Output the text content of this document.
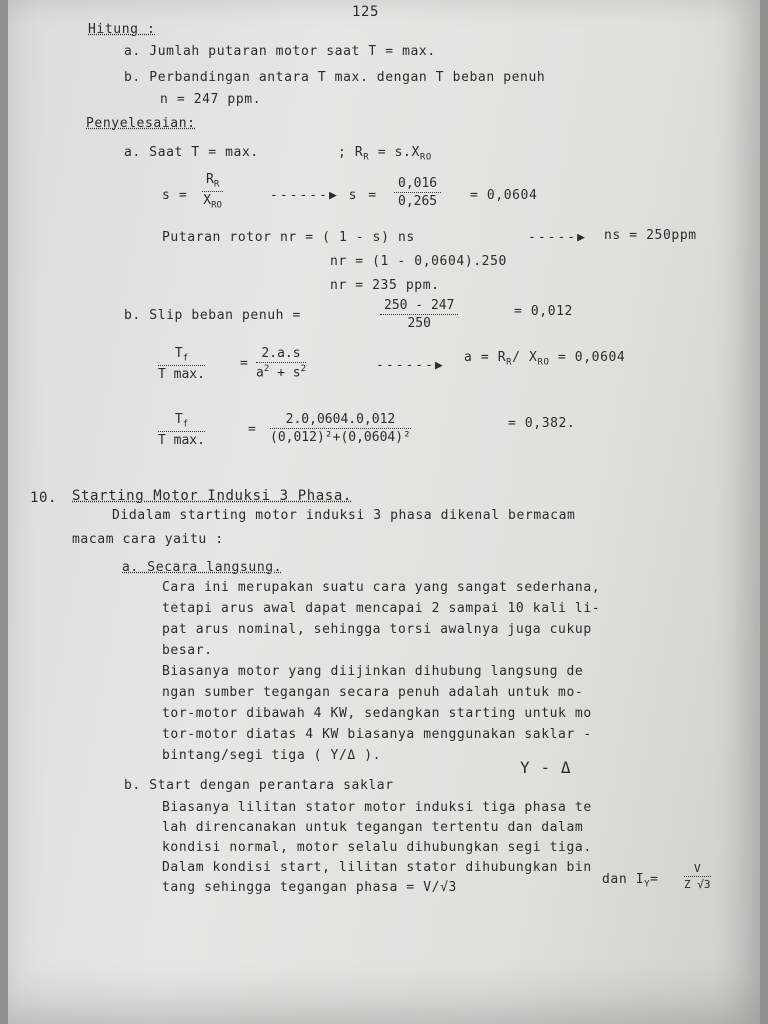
125
Hitung :
a. Jumlah putaran motor saat T = max.
b. Perbandingan antara T max. dengan T beban penuh
n = 247 ppm.
Penyelesaian:
a. Saat T = max.	; $R_R = s.X_{RO}$
s =
$R_R$
$X_{RO}$
------▶ $s = \frac{0,016}{0,265} = 0,0604$
Putaran rotor nr = ( 1 - s) ns	-----▶ ns = 250ppm
nr = (1 - 0,0604).250
nr = 235 ppm.
b. Slip beban penuh =	$\frac{250 - 247}{250}$	= 0,012
$T_f$
T max.
= $\frac{2.a.s}{a^2 + s^2}$	------▶
$a = R_R/$ $X_{RO} = 0,0604$
$T_f$
T max.
= $\frac{2.0,0604.0,012}{\text{(0,012)²+(0,0604)²}}$	= 0,382.
10. Starting Motor Induksi 3 Phasa.
Didalam starting motor induksi 3 phasa dikenal bermacam
macam cara yaitu :
a. Secara langsung.
Cara ini merupakan suatu cara yang sangat sederhana,
tetapi arus awal dapat mencapai 2 sampai 10 kali li-
pat arus nominal, sehingga torsi awalnya juga cukup
besar.
Biasanya motor yang diijinkan dihubung langsung de
ngan sumber tegangan secara penuh adalah untuk mo-
tor-motor dibawah 4 KW, sedangkan starting untuk mo
tor-motor diatas 4 KW biasanya menggunakan saklar -
bintang/segi tiga ( Y/Δ ).
b. Start dengan perantara saklar
Y - Δ
Biasanya lilitan stator motor induksi tiga phasa te
lah direncanakan untuk tegangan tertentu dan dalam
kondisi normal, motor selalu dihubungkan segi tiga.
Dalam kondisi start, lilitan stator dihubungkan bin
tang sehingga tegangan phasa = V/√3
dan $I_Y= \frac{V}{Z √3}$
